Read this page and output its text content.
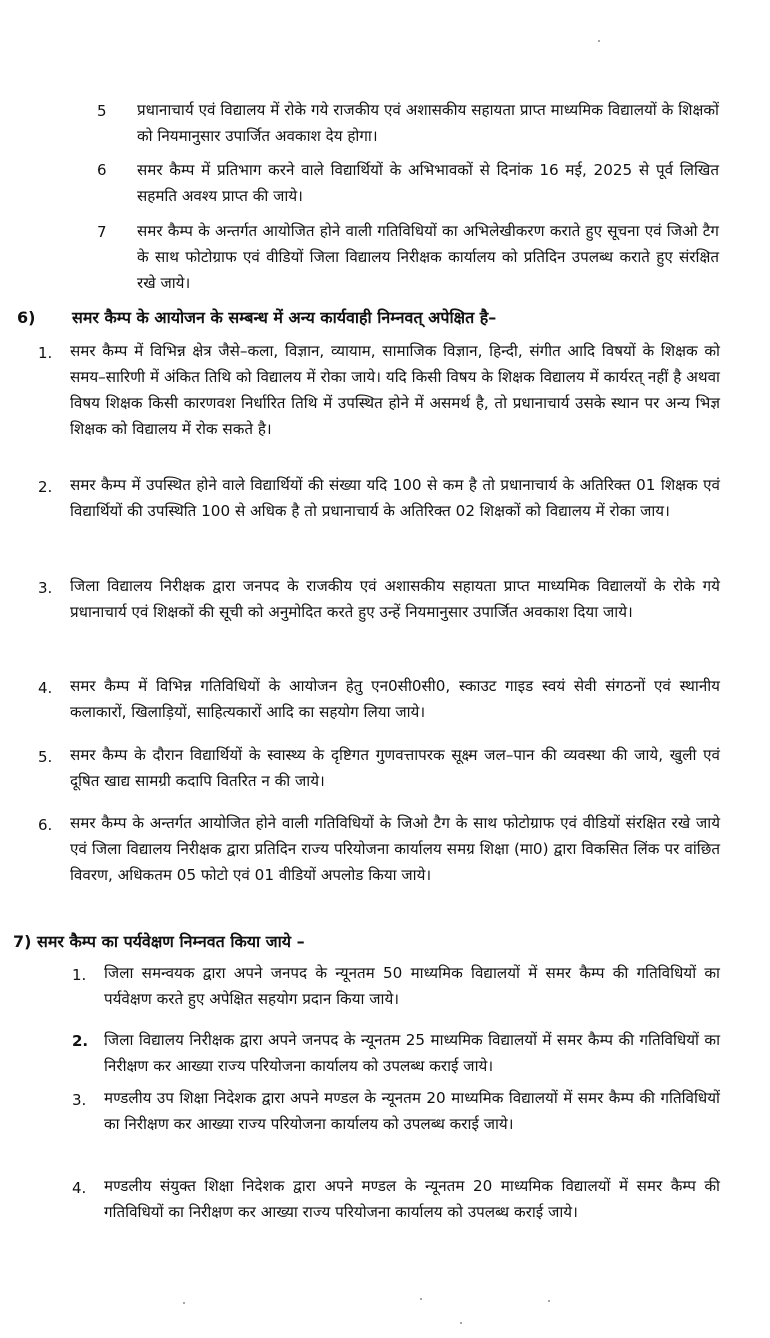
5 प्रधानाचार्य एवं विद्यालय में रोके गये राजकीय एवं अशासकीय सहायता प्राप्त माध्यमिक विद्यालयों के शिक्षकों को नियमानुसार उपार्जित अवकाश देय होगा।
6 समर कैम्प में प्रतिभाग करने वाले विद्यार्थियों के अभिभावकों से दिनांक 16 मई, 2025 से पूर्व लिखित सहमति अवश्य प्राप्त की जाये।
7 समर कैम्प के अन्तर्गत आयोजित होने वाली गतिविधियों का अभिलेखीकरण कराते हुए सूचना एवं जिओ टैग के साथ फोटोग्राफ एवं वीडियों जिला विद्यालय निरीक्षक कार्यालय को प्रतिदिन उपलब्ध कराते हुए संरक्षित रखे जाये।
6) समर कैम्प के आयोजन के सम्बन्ध में अन्य कार्यवाही निम्नवत् अपेक्षित है–
1. समर कैम्प में विभिन्न क्षेत्र जैसे–कला, विज्ञान, व्यायाम, सामाजिक विज्ञान, हिन्दी, संगीत आदि विषयों के शिक्षक को समय–सारिणी में अंकित तिथि को विद्यालय में रोका जाये। यदि किसी विषय के शिक्षक विद्यालय में कार्यरत् नहीं है अथवा विषय शिक्षक किसी कारणवश निर्धारित तिथि में उपस्थित होने में असमर्थ है, तो प्रधानाचार्य उसके स्थान पर अन्य भिज्ञ शिक्षक को विद्यालय में रोक सकते है।
2. समर कैम्प में उपस्थित होने वाले विद्यार्थियों की संख्या यदि 100 से कम है तो प्रधानाचार्य के अतिरिक्त 01 शिक्षक एवं विद्यार्थियों की उपस्थिति 100 से अधिक है तो प्रधानाचार्य के अतिरिक्त 02 शिक्षकों को विद्यालय में रोका जाय।
3. जिला विद्यालय निरीक्षक द्वारा जनपद के राजकीय एवं अशासकीय सहायता प्राप्त माध्यमिक विद्यालयों के रोके गये प्रधानाचार्य एवं शिक्षकों की सूची को अनुमोदित करते हुए उन्हें नियमानुसार उपार्जित अवकाश दिया जाये।
4. समर कैम्प में विभिन्न गतिविधियों के आयोजन हेतु एन0सी0सी0, स्काउट गाइड स्वयं सेवी संगठनों एवं स्थानीय कलाकारों, खिलाड़ियों, साहित्यकारों आदि का सहयोग लिया जाये।
5. समर कैम्प के दौरान विद्यार्थियों के स्वास्थ्य के दृष्टिगत गुणवत्तापरक सूक्ष्म जल–पान की व्यवस्था की जाये, खुली एवं दूषित खाद्य सामग्री कदापि वितरित न की जाये।
6. समर कैम्प के अन्तर्गत आयोजित होने वाली गतिविधियों के जिओ टैग के साथ फोटोग्राफ एवं वीडियों संरक्षित रखे जाये एवं जिला विद्यालय निरीक्षक द्वारा प्रतिदिन राज्य परियोजना कार्यालय समग्र शिक्षा (मा0) द्वारा विकसित लिंक पर वांछित विवरण, अधिकतम 05 फोटो एवं 01 वीडियों अपलोड किया जाये।
7) समर कैम्प का पर्यवेक्षण निम्नवत किया जाये –
1. जिला समन्वयक द्वारा अपने जनपद के न्यूनतम 50 माध्यमिक विद्यालयों में समर कैम्प की गतिविधियों का पर्यवेक्षण करते हुए अपेक्षित सहयोग प्रदान किया जाये।
2. जिला विद्यालय निरीक्षक द्वारा अपने जनपद के न्यूनतम 25 माध्यमिक विद्यालयों में समर कैम्प की गतिविधियों का निरीक्षण कर आख्या राज्य परियोजना कार्यालय को उपलब्ध कराई जाये।
3. मण्डलीय उप शिक्षा निदेशक द्वारा अपने मण्डल के न्यूनतम 20 माध्यमिक विद्यालयों में समर कैम्प की गतिविधियों का निरीक्षण कर आख्या राज्य परियोजना कार्यालय को उपलब्ध कराई जाये।
4. मण्डलीय संयुक्त शिक्षा निदेशक द्वारा अपने मण्डल के न्यूनतम 20 माध्यमिक विद्यालयों में समर कैम्प की गतिविधियों का निरीक्षण कर आख्या राज्य परियोजना कार्यालय को उपलब्ध कराई जाये।
